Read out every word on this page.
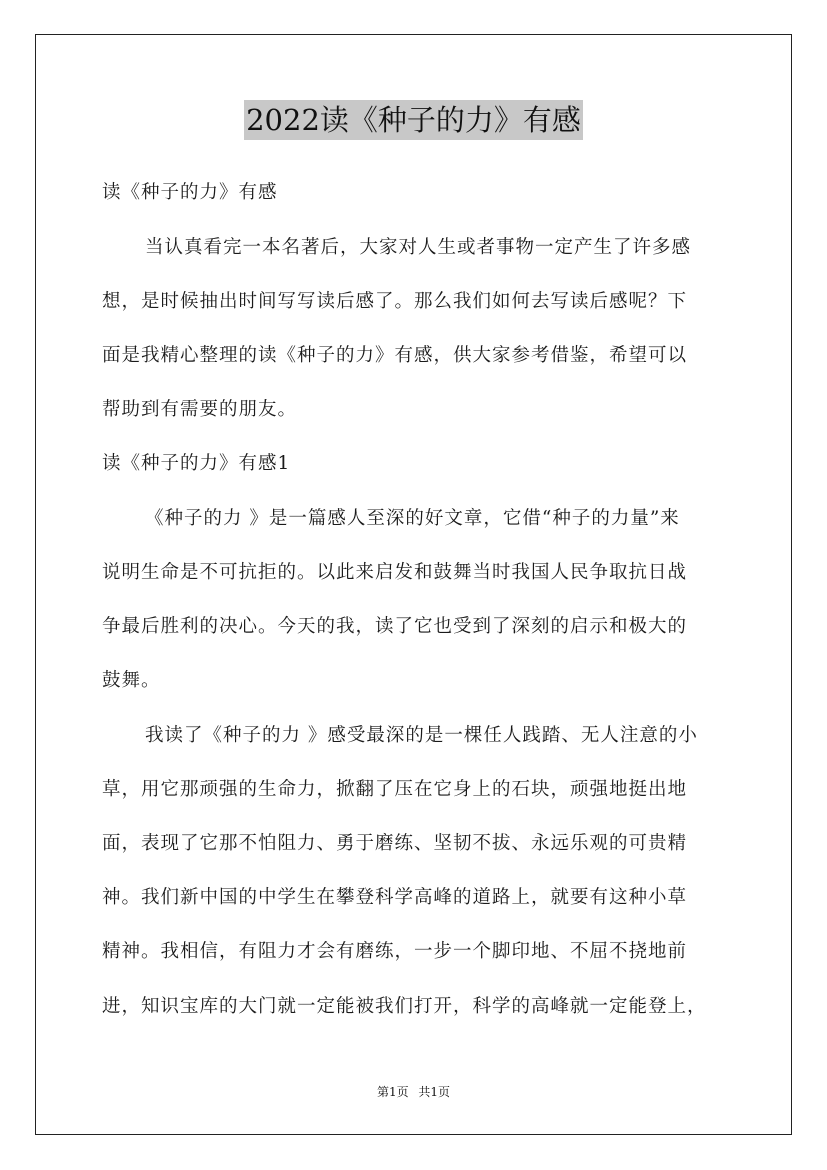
2022读《种子的力》有感

读《种子的力》有感

当认真看完一本名著后，大家对人生或者事物一定产生了许多感

想，是时候抽出时间写写读后感了。那么我们如何去写读后感呢？下

面是我精心整理的读《种子的力》有感，供大家参考借鉴，希望可以

帮助到有需要的朋友。

读《种子的力》有感1

《种子的力 》是一篇感人至深的好文章，它借“种子的力量”来

说明生命是不可抗拒的。以此来启发和鼓舞当时我国人民争取抗日战

争最后胜利的决心。今天的我，读了它也受到了深刻的启示和极大的

鼓舞。

我读了《种子的力 》感受最深的是一棵任人践踏、无人注意的小

草，用它那顽强的生命力，掀翻了压在它身上的石块，顽强地挺出地

面，表现了它那不怕阻力、勇于磨练、坚韧不拔、永远乐观的可贵精

神。我们新中国的中学生在攀登科学高峰的道路上，就要有这种小草

精神。我相信，有阻力才会有磨练，一步一个脚印地、不屈不挠地前

进，知识宝库的大门就一定能被我们打开，科学的高峰就一定能登上，

第1页 共1页
